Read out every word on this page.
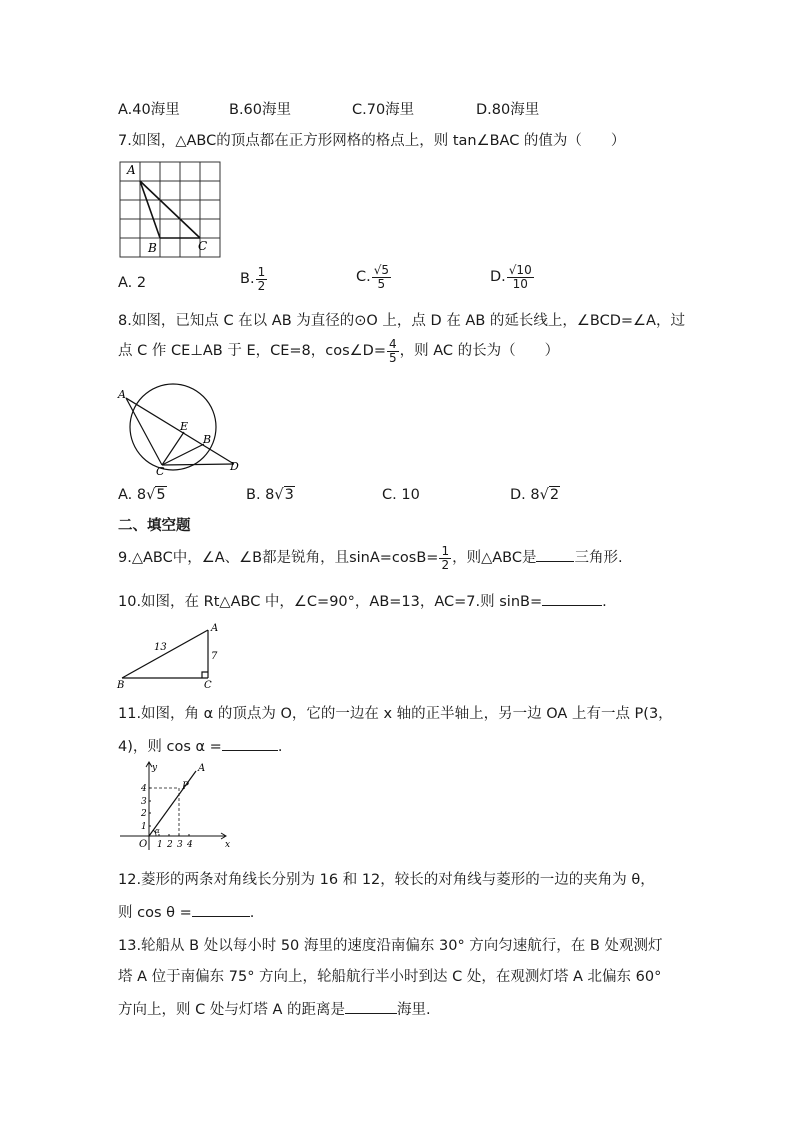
A.40海里	B.60海里	C.70海里	D.80海里
7.如图，△ABC的顶点都在正方形网格的格点上，则 tan∠BAC 的值为（　　）
A
B	C
A. 2	B. $\frac{1}{2}$	C. $\frac{√5}{5}$	D. $\frac{√10}{10}$
8.如图，已知点 C 在以 AB 为直径的⊙O 上，点 D 在 AB 的延长线上，∠BCD=∠A，过
点 C 作 CE⊥AB 于 E，CE=8，cos∠D= $\frac{4}{5}$ ，则 AC 的长为（　　）
A
E
B
C	D
A. 8√5	B. 8√3	C. 10	D. 8√2
二、填空题
9.△ABC中，∠A、∠B都是锐角，且$\sin A=\cos B= \frac{1}{2}$ ，则△ABC是	三角形.
10.如图，在 Rt△ABC 中，∠C=90°，AB=13，AC=7.则 sinB=	.
A
B	C
13
7
11.如图，角 α 的顶点为 O，它的一边在 x 轴的正半轴上，另一边 OA 上有一点 P(3，
4)，则 cos α =	.
y
x
O
A
P
α
1 2 3 4
1
2
3
4
12.菱形的两条对角线长分别为 16 和 12，较长的对角线与菱形的一边的夹角为 θ，
则 cos θ =	.
13.轮船从 B 处以每小时 50 海里的速度沿南偏东 30° 方向匀速航行，在 B 处观测灯
塔 A 位于南偏东 75° 方向上，轮船航行半小时到达 C 处，在观测灯塔 A 北偏东 60°
方向上，则 C 处与灯塔 A 的距离是	海里.
